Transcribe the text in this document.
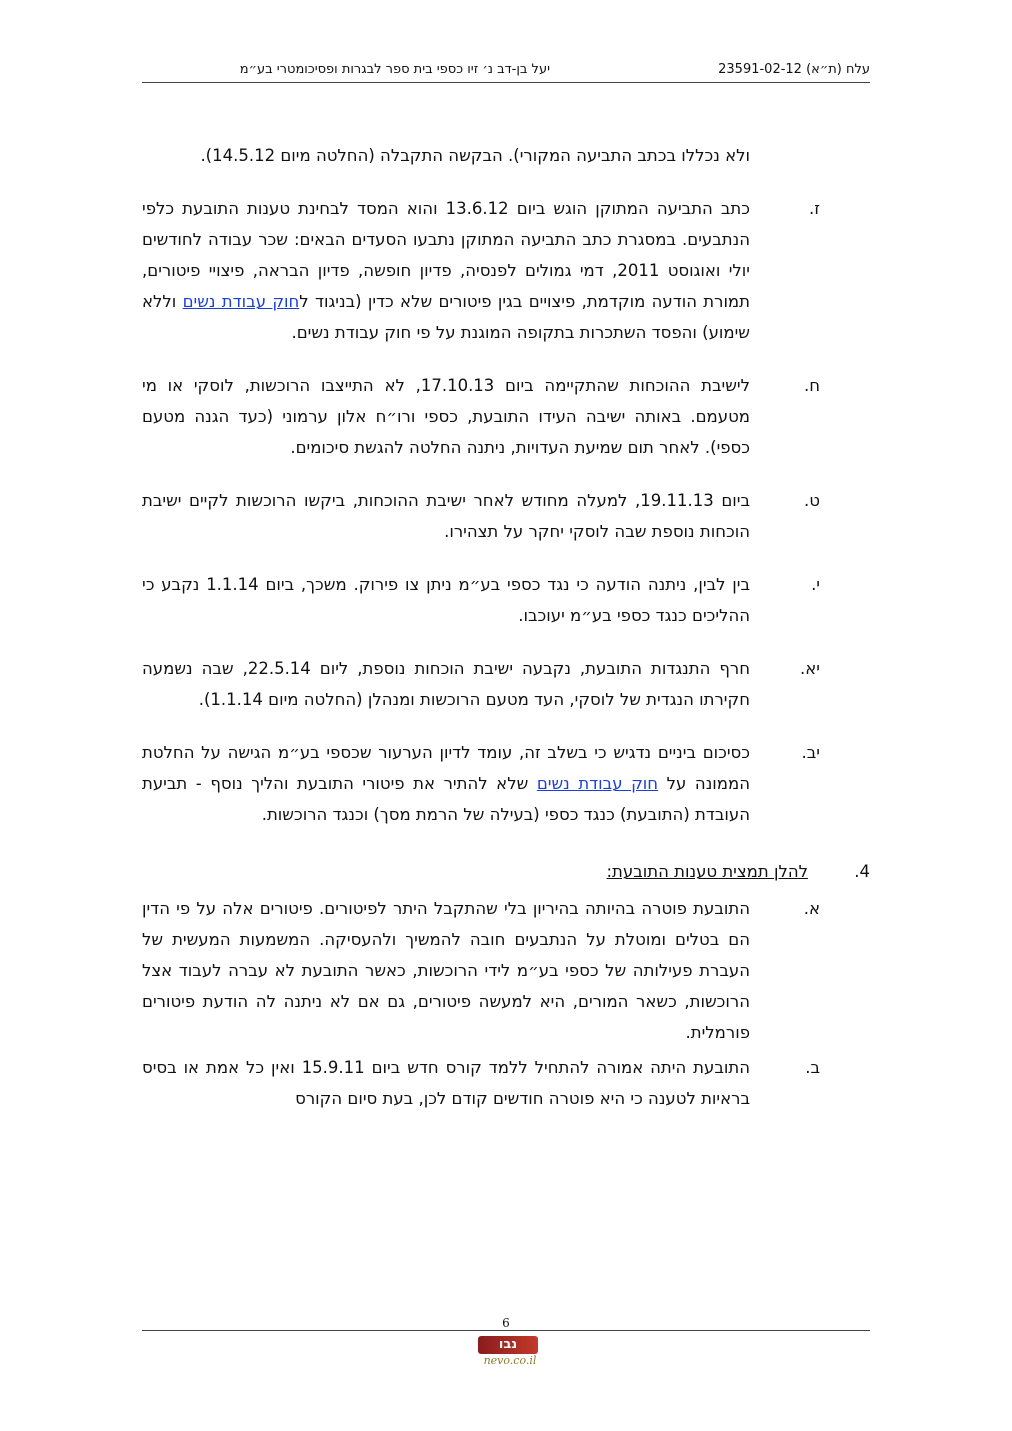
עלח (ת״א) 23591-02-12
יעל בן-דב נ׳ זיו כספי בית ספר לבגרות ופסיכומטרי בע״מ
ולא נכללו בכתב התביעה המקורי). הבקשה התקבלה (החלטה מיום 14.5.12).
ז.
כתב התביעה המתוקן הוגש ביום 13.6.12 והוא המסד לבחינת טענות התובעת כלפי הנתבעים. במסגרת כתב התביעה המתוקן נתבעו הסעדים הבאים: שכר עבודה לחודשים יולי ואוגוסט 2011, דמי גמולים לפנסיה, פדיון חופשה, פדיון הבראה, פיצויי פיטורים, תמורת הודעה מוקדמת, פיצויים בגין פיטורים שלא כדין (בניגוד לחוק עבודת נשים וללא שימוע) והפסד השתכרות בתקופה המוגנת על פי חוק עבודת נשים.
ח.
לישיבת ההוכחות שהתקיימה ביום 17.10.13, לא התייצבו הרוכשות, לוסקי או מי מטעמם. באותה ישיבה העידו התובעת, כספי ורו״ח אלון ערמוני (כעד הגנה מטעם כספי). לאחר תום שמיעת העדויות, ניתנה החלטה להגשת סיכומים.
ט.
ביום 19.11.13, למעלה מחודש לאחר ישיבת ההוכחות, ביקשו הרוכשות לקיים ישיבת הוכחות נוספת שבה לוסקי יחקר על תצהירו.
י.
בין לבין, ניתנה הודעה כי נגד כספי בע״מ ניתן צו פירוק. משכך, ביום 1.1.14 נקבע כי ההליכים כנגד כספי בע״מ יעוכבו.
יא.
חרף התנגדות התובעת, נקבעה ישיבת הוכחות נוספת, ליום 22.5.14, שבה נשמעה חקירתו הנגדית של לוסקי, העד מטעם הרוכשות ומנהלן (החלטה מיום 1.1.14).
יב.
כסיכום ביניים נדגיש כי בשלב זה, עומד לדיון הערעור שכספי בע״מ הגישה על החלטת הממונה על חוק עבודת נשים שלא להתיר את פיטורי התובעת והליך נוסף - תביעת העובדת (התובעת) כנגד כספי (בעילה של הרמת מסך) וכנגד הרוכשות.
4.
להלן תמצית טענות התובעת:
א.
התובעת פוטרה בהיותה בהיריון בלי שהתקבל היתר לפיטורים. פיטורים אלה על פי הדין הם בטלים ומוטלת על הנתבעים חובה להמשיך ולהעסיקה. המשמעות המעשית של העברת פעילותה של כספי בע״מ לידי הרוכשות, כאשר התובעת לא עברה לעבוד אצל הרוכשות, כשאר המורים, היא למעשה פיטורים, גם אם לא ניתנה לה הודעת פיטורים פורמלית.
ב.
התובעת היתה אמורה להתחיל ללמד קורס חדש ביום 15.9.11 ואין כל אמת או בסיס בראיות לטענה כי היא פוטרה חודשים קודם לכן, בעת סיום הקורס
6
נבו
nevo.co.il
